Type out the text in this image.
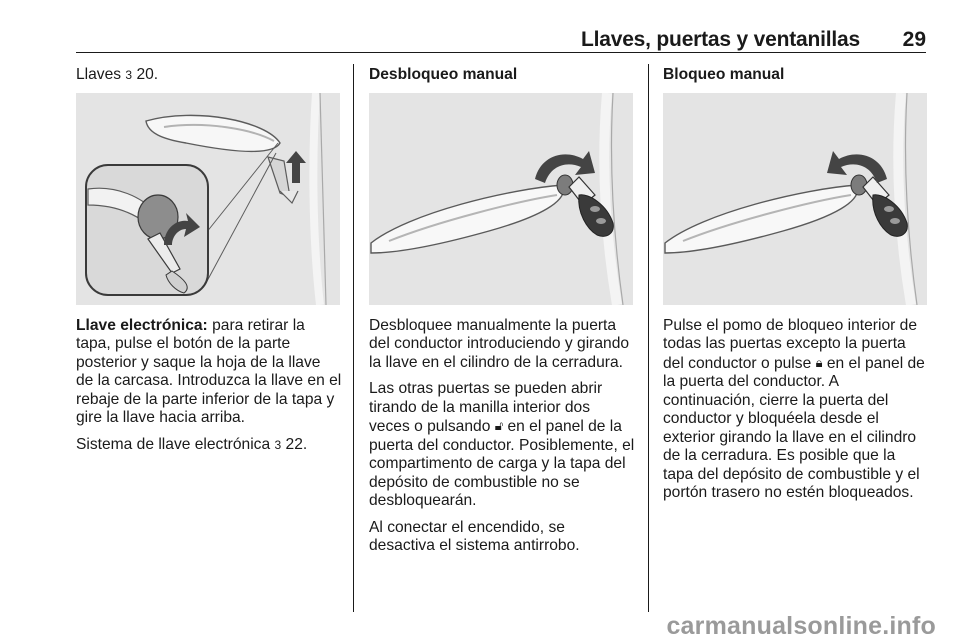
Llaves, puertas y ventanillas	29

Llaves 3 20.

Llave electrónica: para retirar la tapa, pulse el botón de la parte posterior y saque la hoja de la llave de la carcasa. Introduzca la llave en el rebaje de la parte inferior de la tapa y gire la llave hacia arriba.

Sistema de llave electrónica 3 22.

Desbloqueo manual

Desbloquee manualmente la puerta del conductor introduciendo y girando la llave en el cilindro de la cerradura.

Las otras puertas se pueden abrir tirando de la manilla interior dos veces o pulsando 🔓︎ en el panel de la puerta del conductor. Posiblemente, el compartimento de carga y la tapa del depósito de combustible no se desbloquearán.

Al conectar el encendido, se desactiva el sistema antirrobo.

Bloqueo manual

Pulse el pomo de bloqueo interior de todas las puertas excepto la puerta del conductor o pulse 🔒︎ en el panel de la puerta del conductor. A continuación, cierre la puerta del conductor y bloquéela desde el exterior girando la llave en el cilindro de la cerradura. Es posible que la tapa del depósito de combustible y el portón trasero no estén bloqueados.

carmanualsonline.info
